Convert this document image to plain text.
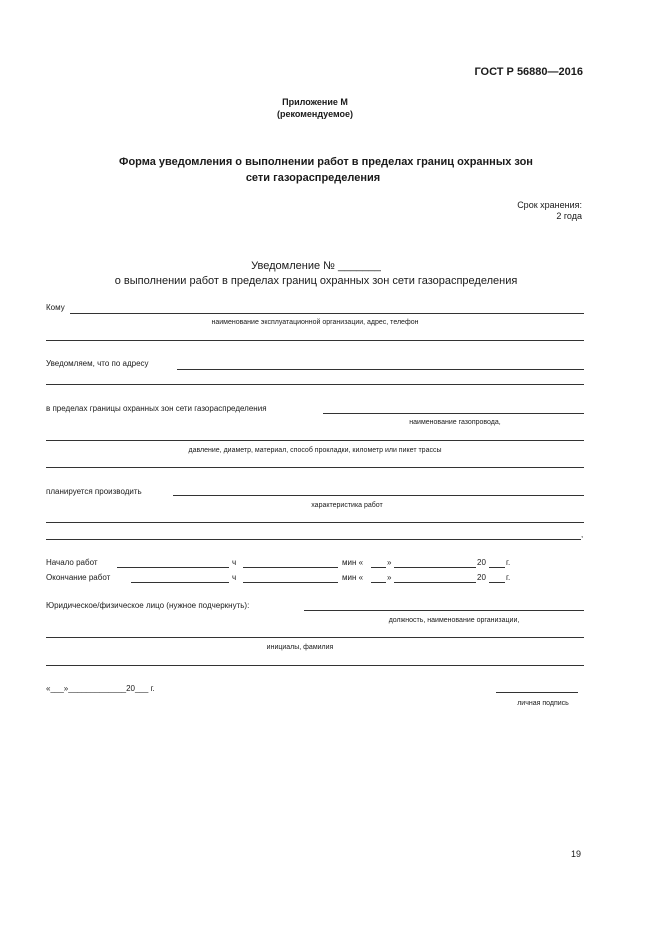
ГОСТ Р 56880—2016
Приложение М
(рекомендуемое)
Форма уведомления о выполнении работ в пределах границ охранных зон
сети газораспределения
Срок хранения:
2 года
Уведомление № _______
о выполнении работ в пределах границ охранных зон сети газораспределения
Кому
наименование эксплуатационной организации, адрес, телефон
Уведомляем, что по адресу
в пределах границы охранных зон сети газораспределения
наименование газопровода,
давление, диаметр, материал, способ прокладки, километр или пикет трассы
планируется производить
характеристика работ
,
Начало работ	ч	мин «	»	20	г.
Окончание работ	ч	мин «	»	20	г.
Юридическое/физическое лицо (нужное подчеркнуть):
должность, наименование организации,
инициалы, фамилия
«___»_____________20___ г.
личная подпись
19
